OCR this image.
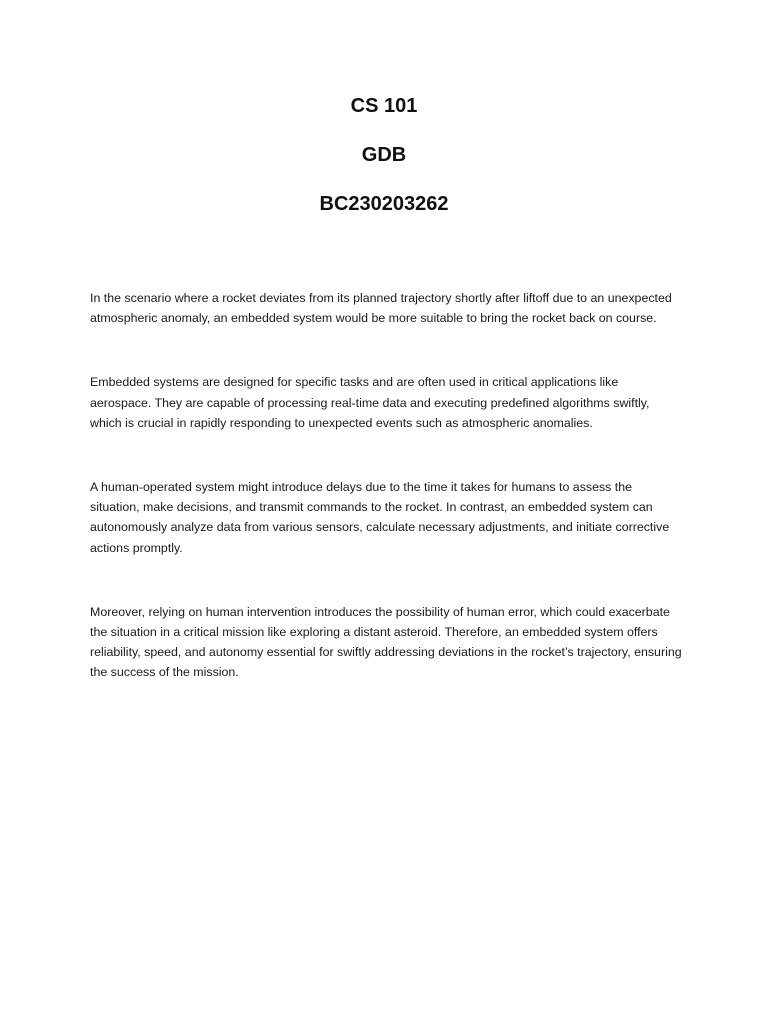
CS 101
GDB
BC230203262

In the scenario where a rocket deviates from its planned trajectory shortly after liftoff due to an unexpected atmospheric anomaly, an embedded system would be more suitable to bring the rocket back on course.

Embedded systems are designed for specific tasks and are often used in critical applications like aerospace. They are capable of processing real-time data and executing predefined algorithms swiftly, which is crucial in rapidly responding to unexpected events such as atmospheric anomalies.

A human-operated system might introduce delays due to the time it takes for humans to assess the situation, make decisions, and transmit commands to the rocket. In contrast, an embedded system can autonomously analyze data from various sensors, calculate necessary adjustments, and initiate corrective actions promptly.

Moreover, relying on human intervention introduces the possibility of human error, which could exacerbate the situation in a critical mission like exploring a distant asteroid. Therefore, an embedded system offers reliability, speed, and autonomy essential for swiftly addressing deviations in the rocket’s trajectory, ensuring the success of the mission.
